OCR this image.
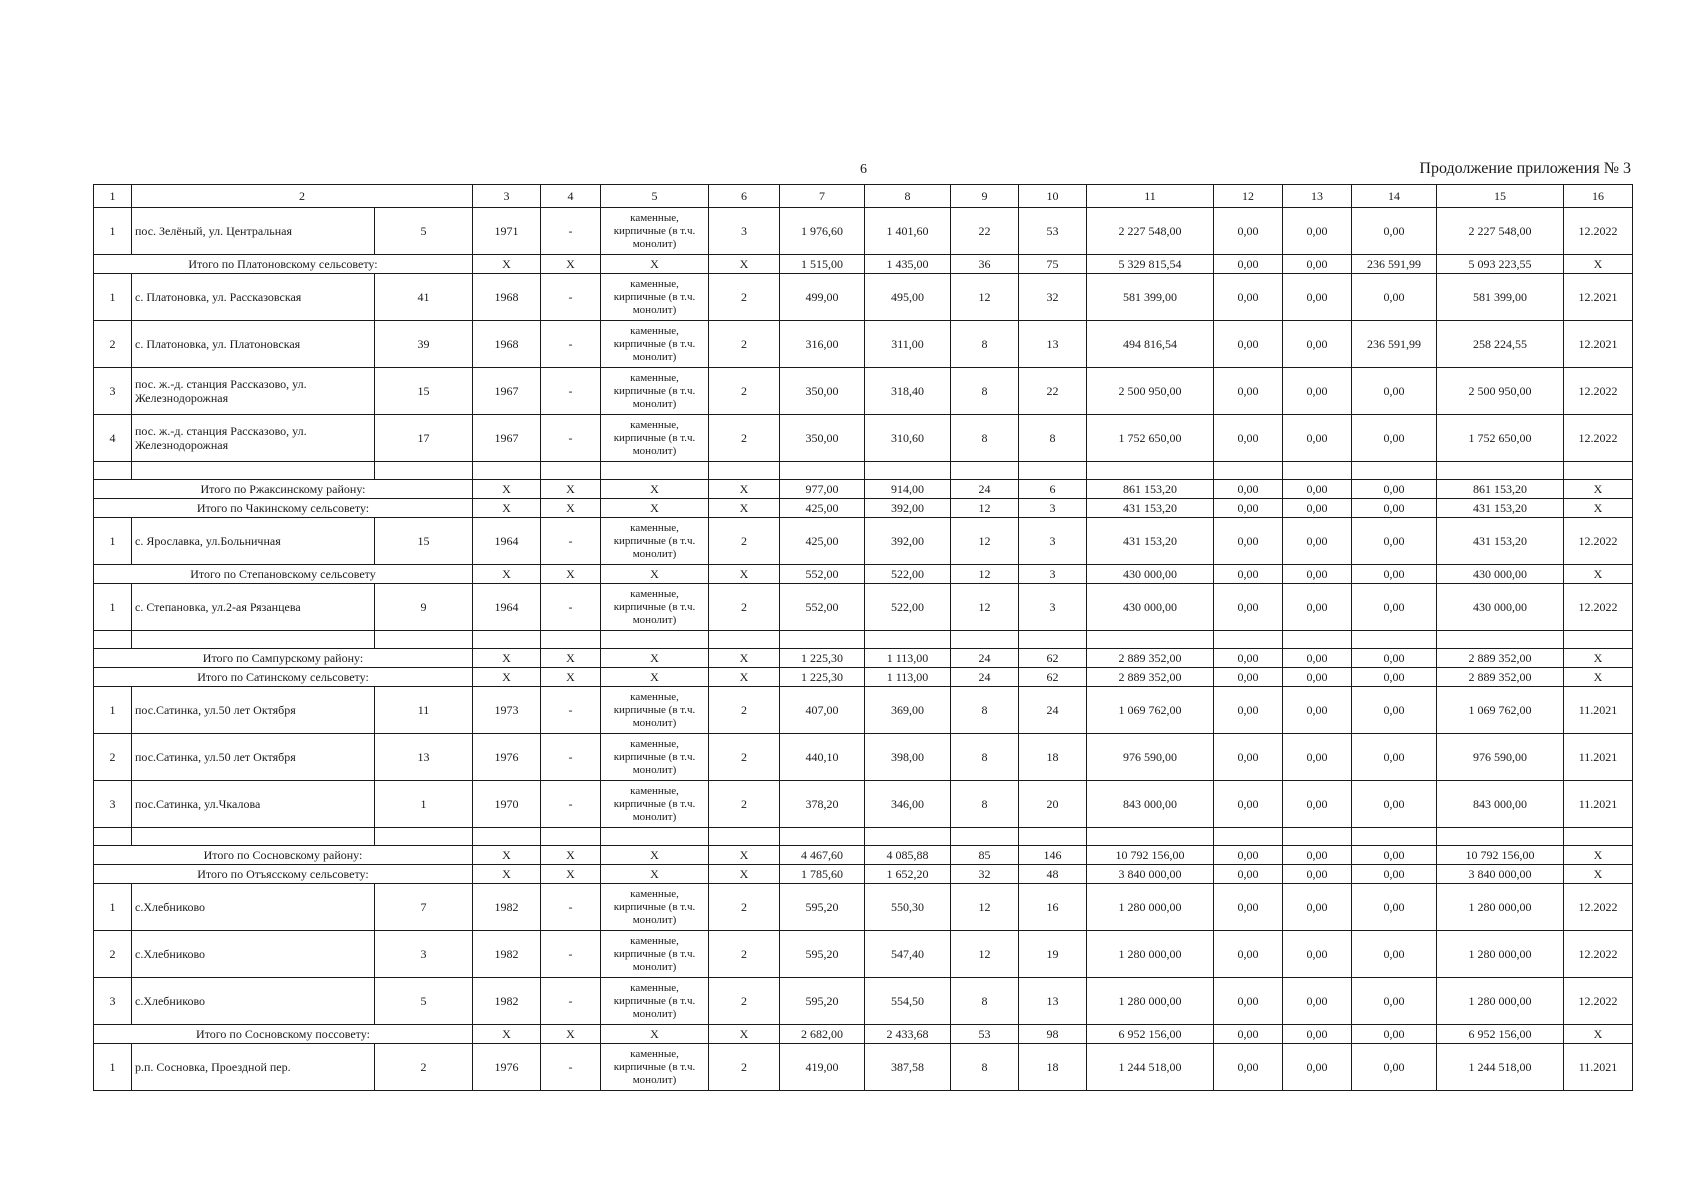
6	Продолжение приложения № 3
1	2		3	4	5	6	7	8	9	10	11	12	13	14	15	16
1	пос. Зелёный, ул. Центральная	5	1971	-	каменные, кирпичные (в т.ч. монолит)	3	1 976,60	1 401,60	22	53	2 227 548,00	0,00	0,00	0,00	2 227 548,00	12.2022
Итого по Платоновскому сельсовету:			X	X	X	X	1 515,00	1 435,00	36	75	5 329 815,54	0,00	0,00	236 591,99	5 093 223,55	X
1	с. Платоновка, ул. Рассказовская	41	1968	-	каменные, кирпичные (в т.ч. монолит)	2	499,00	495,00	12	32	581 399,00	0,00	0,00	0,00	581 399,00	12.2021
2	с. Платоновка, ул. Платоновская	39	1968	-	каменные, кирпичные (в т.ч. монолит)	2	316,00	311,00	8	13	494 816,54	0,00	0,00	236 591,99	258 224,55	12.2021
3	пос. ж.-д. станция Рассказово, ул. Железнодорожная	15	1967	-	каменные, кирпичные (в т.ч. монолит)	2	350,00	318,40	8	22	2 500 950,00	0,00	0,00	0,00	2 500 950,00	12.2022
4	пос. ж.-д. станция Рассказово, ул. Железнодорожная	17	1967	-	каменные, кирпичные (в т.ч. монолит)	2	350,00	310,60	8	8	1 752 650,00	0,00	0,00	0,00	1 752 650,00	12.2022

Итого по Ржаксинскому району:			X	X	X	X	977,00	914,00	24	6	861 153,20	0,00	0,00	0,00	861 153,20	X
Итого по Чакинскому сельсовету:			X	X	X	X	425,00	392,00	12	3	431 153,20	0,00	0,00	0,00	431 153,20	X
1	с. Ярославка, ул.Больничная	15	1964	-	каменные, кирпичные (в т.ч. монолит)	2	425,00	392,00	12	3	431 153,20	0,00	0,00	0,00	431 153,20	12.2022
Итого по Степановскому сельсовету			X	X	X	X	552,00	522,00	12	3	430 000,00	0,00	0,00	0,00	430 000,00	X
1	с. Степановка, ул.2-ая Рязанцева	9	1964	-	каменные, кирпичные (в т.ч. монолит)	2	552,00	522,00	12	3	430 000,00	0,00	0,00	0,00	430 000,00	12.2022

Итого по Сампурскому району:			X	X	X	X	1 225,30	1 113,00	24	62	2 889 352,00	0,00	0,00	0,00	2 889 352,00	X
Итого по Сатинскому сельсовету:			X	X	X	X	1 225,30	1 113,00	24	62	2 889 352,00	0,00	0,00	0,00	2 889 352,00	X
1	пос.Сатинка, ул.50 лет Октября	11	1973	-	каменные, кирпичные (в т.ч. монолит)	2	407,00	369,00	8	24	1 069 762,00	0,00	0,00	0,00	1 069 762,00	11.2021
2	пос.Сатинка, ул.50 лет Октября	13	1976	-	каменные, кирпичные (в т.ч. монолит)	2	440,10	398,00	8	18	976 590,00	0,00	0,00	0,00	976 590,00	11.2021
3	пос.Сатинка, ул.Чкалова	1	1970	-	каменные, кирпичные (в т.ч. монолит)	2	378,20	346,00	8	20	843 000,00	0,00	0,00	0,00	843 000,00	11.2021

Итого по Сосновскому району:			X	X	X	X	4 467,60	4 085,88	85	146	10 792 156,00	0,00	0,00	0,00	10 792 156,00	X
Итого по Отъясскому сельсовету:			X	X	X	X	1 785,60	1 652,20	32	48	3 840 000,00	0,00	0,00	0,00	3 840 000,00	X
1	с.Хлебниково	7	1982	-	каменные, кирпичные (в т.ч. монолит)	2	595,20	550,30	12	16	1 280 000,00	0,00	0,00	0,00	1 280 000,00	12.2022
2	с.Хлебниково	3	1982	-	каменные, кирпичные (в т.ч. монолит)	2	595,20	547,40	12	19	1 280 000,00	0,00	0,00	0,00	1 280 000,00	12.2022
3	с.Хлебниково	5	1982	-	каменные, кирпичные (в т.ч. монолит)	2	595,20	554,50	8	13	1 280 000,00	0,00	0,00	0,00	1 280 000,00	12.2022
Итого по Сосновскому поссовету:			X	X	X	X	2 682,00	2 433,68	53	98	6 952 156,00	0,00	0,00	0,00	6 952 156,00	X
1	р.п. Сосновка, Проездной пер.	2	1976	-	каменные, кирпичные (в т.ч. монолит)	2	419,00	387,58	8	18	1 244 518,00	0,00	0,00	0,00	1 244 518,00	11.2021
